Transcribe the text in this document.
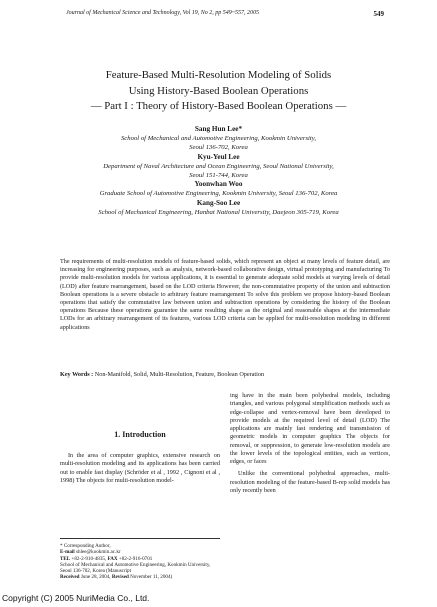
Journal of Mechanical Science and Technology, Vol 19, No 2, pp 549~557, 2005	549
Feature-Based Multi-Resolution Modeling of Solids
Using History-Based Boolean Operations
— Part I : Theory of History-Based Boolean Operations —
Sang Hun Lee*
School of Mechanical and Automotive Engineering, Kookmin University,
Seoul 136-702, Korea
Kyu-Yeul Lee
Department of Naval Architecture and Ocean Engineering, Seoul National University,
Seoul 151-744, Korea
Yoonwhan Woo
Graduate School of Automotive Engineering, Kookmin University, Seoul 136-702, Korea
Kang-Soo Lee
School of Mechanical Engineering, Hanbat National University, Daejeon 305-719, Korea
The requirements of multi-resolution models of feature-based solids, which represent an object at many levels of feature detail, are increasing for engineering purposes, such as analysis, network-based collaborative design, virtual prototyping and manufacturing To provide multi-resolution models for various applications, it is essential to generate adequate solid models at varying levels of detail (LOD) after feature rearrangement, based on the LOD criteria However, the non-commutative property of the union and subtraction Boolean operations is a severe obstacle to arbitrary feature rearrangement To solve this problem we propose history-based Boolean operations that satisfy the commutative law between union and subtraction operations by considering the history of the Boolean operations Because these operations guarantee the same resulting shape as the original and reasonable shapes at the intermediate LODs for an arbitrary rearrangement of its features, various LOD criteria can be applied for multi-resolution modeling in different applications
Key Words : Non-Manifold, Solid, Multi-Resolution, Feature, Boolean Operation
1. Introduction
In the area of computer graphics, extensive research on multi-resolution modeling and its applications has been carried out to enable fast display (Schröder et al , 1992 , Cignoni et al , 1998) The objects for multi-resolution model-

ing have in the main been polyhedral models, including triangles, and various polygonal simplification methods such as edge-collapse and vertex-removal have been developed to provide models at the required level of detail (LOD) The applications are mainly fast rendering and transmission of geometric models in computer graphics The objects for removal, or suppression, to generate low-resolution models are the lower levels of the topological entities, such as vertices, edges, or faces

Unlike the conventional polyhedral approaches, multi-resolution modeling of the feature-based B-rep solid models has only recently been

* Corresponding Author,
E-mail shlee@kookmin.ac.kr
TEL +82-2-910-4835, FAX +82-2-916-0701
School of Mechanical and Automotive Engineering, Kookmin University, Seoul 136-702, Korea (Manuscript
Received June 28, 2004, Revised November 11, 2004)
Copyright (C) 2005 NuriMedia Co., Ltd.
